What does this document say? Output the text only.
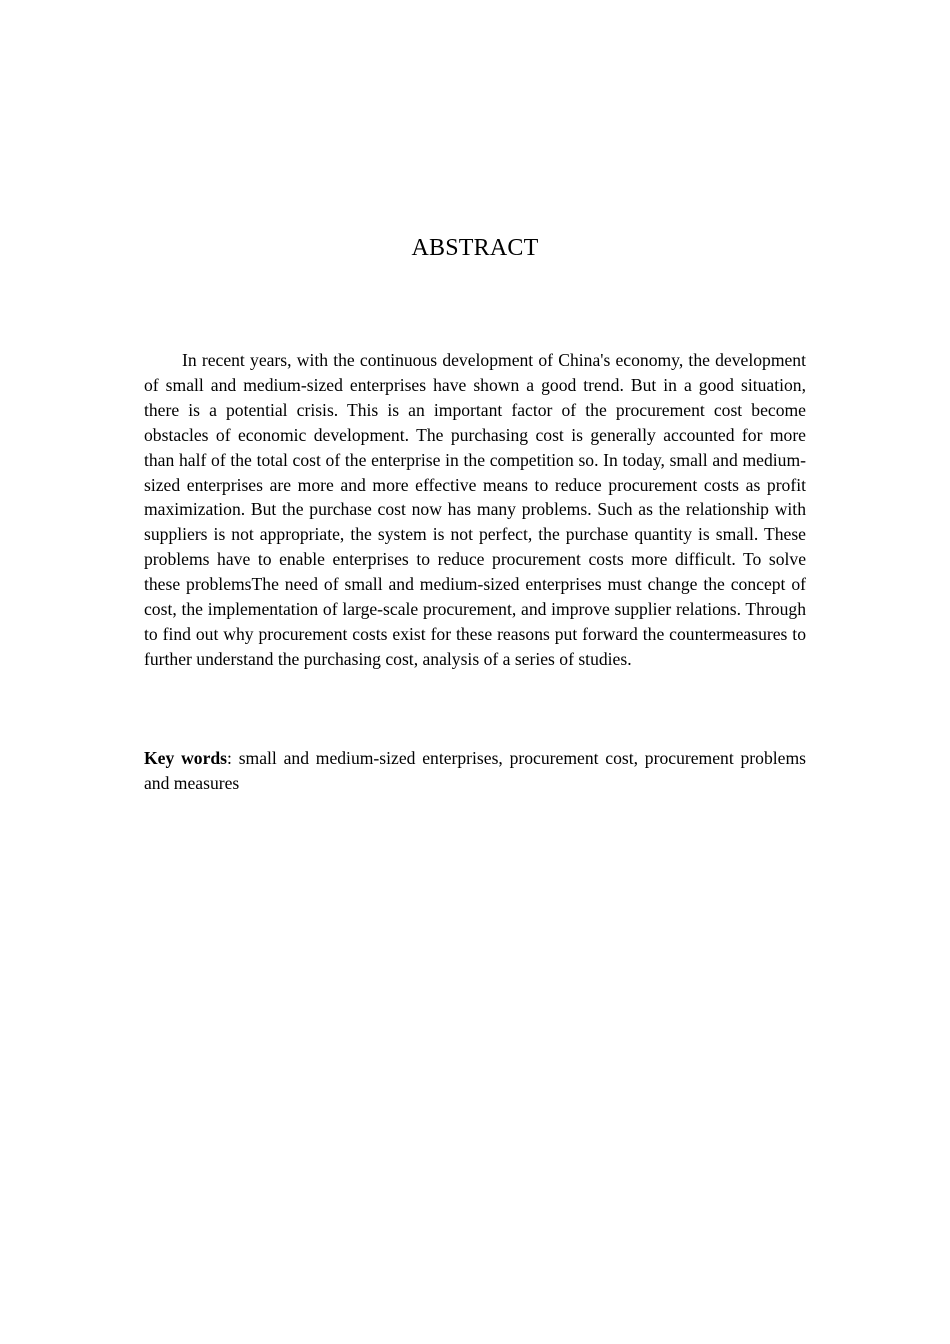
ABSTRACT

In recent years, with the continuous development of China's economy, the development of small and medium-sized enterprises have shown a good trend. But in a good situation, there is a potential crisis. This is an important factor of the procurement cost become obstacles of economic development. The purchasing cost is generally accounted for more than half of the total cost of the enterprise in the competition so. In today, small and medium-sized enterprises are more and more effective means to reduce procurement costs as profit maximization. But the purchase cost now has many problems. Such as the relationship with suppliers is not appropriate, the system is not perfect, the purchase quantity is small. These problems have to enable enterprises to reduce procurement costs more difficult. To solve these problemsThe need of small and medium-sized enterprises must change the concept of cost, the implementation of large-scale procurement, and improve supplier relations. Through to find out why procurement costs exist for these reasons put forward the countermeasures to further understand the purchasing cost, analysis of a series of studies.

Key words: small and medium-sized enterprises, procurement cost, procurement problems and measures
